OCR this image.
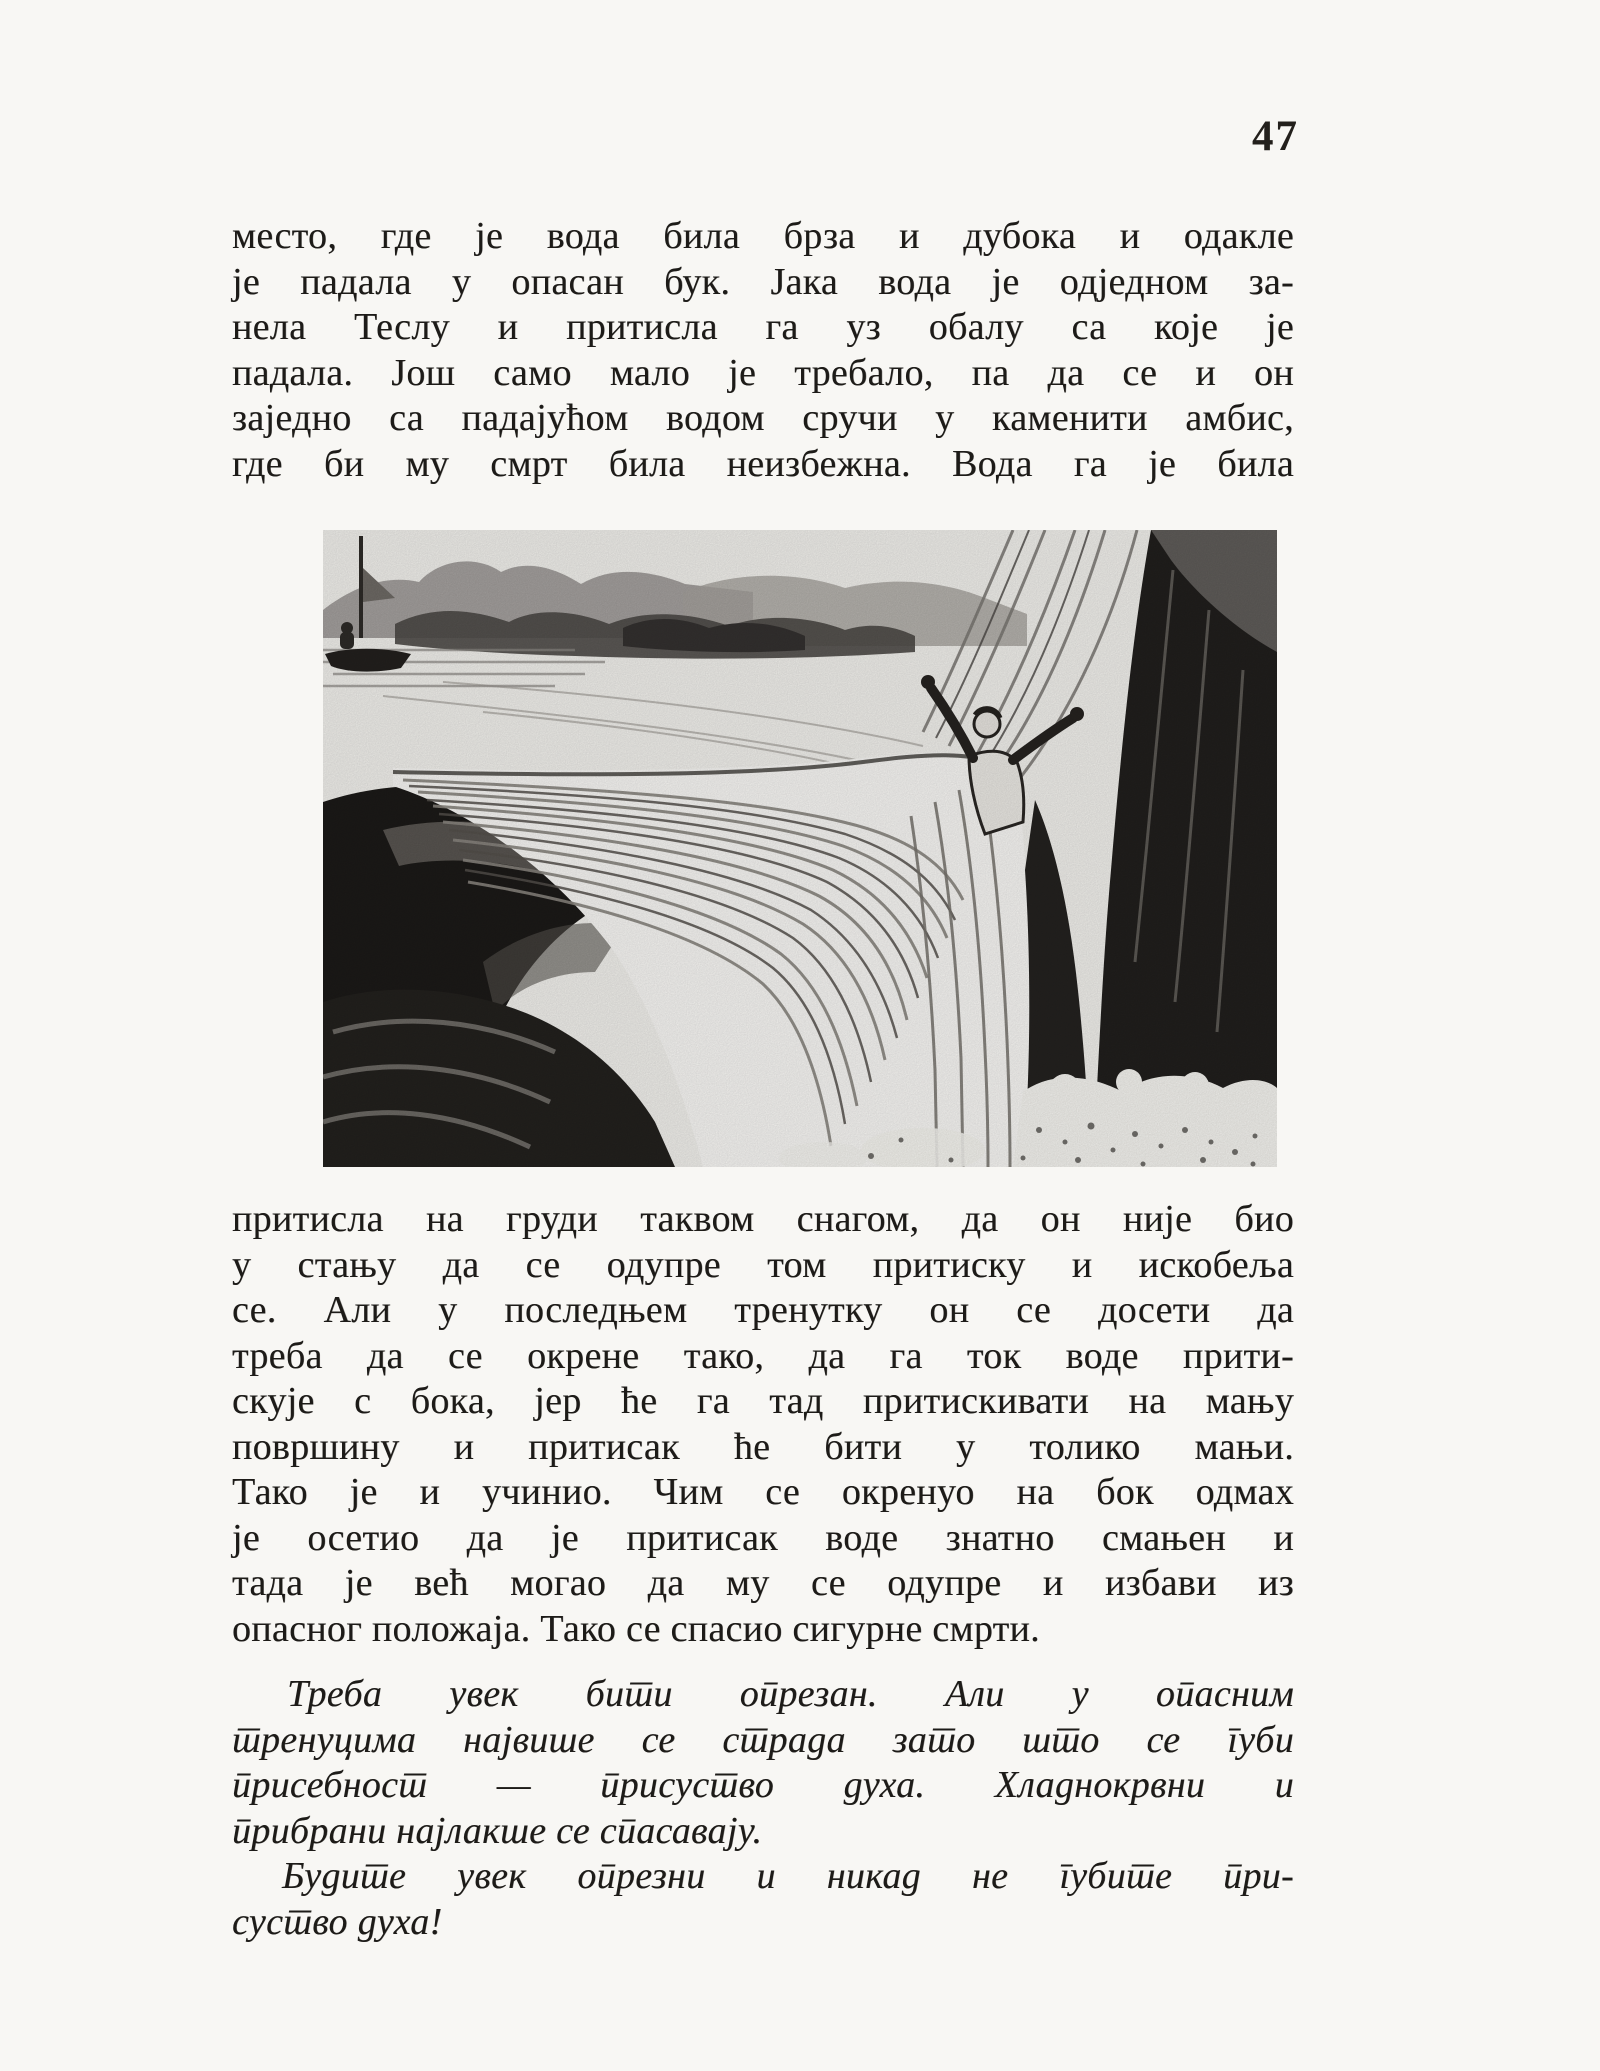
47
место, где је вода била брза и дубока и одакле
је падала у опасан бук. Јака вода је одједном за-
нела Теслу и притисла га уз обалу са које је
падала. Још само мало је требало, па да се и он
заједно са падајућом водом сручи у каменити амбис,
где би му смрт била неизбежна. Вода га је била
притисла на груди таквом снагом, да он није био
у стању да се одупре том притиску и искобеља
се. Али у последњем тренутку он се досети да
треба да се окрене тако, да га ток воде прити-
скује с бока, јер ће га тад притискивати на мању
површину и притисак ће бити у толико мањи.
Тако је и учинио. Чим се окренуо на бок одмах
је осетио да је притисак воде знатно смањен и
тада је већ могао да му се одупре и избави из
опасног положаја. Тако се спасио сигурне смрти.
Треба увек бити опрезан. Али у опасним
тренуцима највише се страда зато што се губи
присебност — присуство духа. Хладнокрвни и
прибрани најлакше се спасавају.
Будите увек опрезни и никад не губите при-
суство духа!
